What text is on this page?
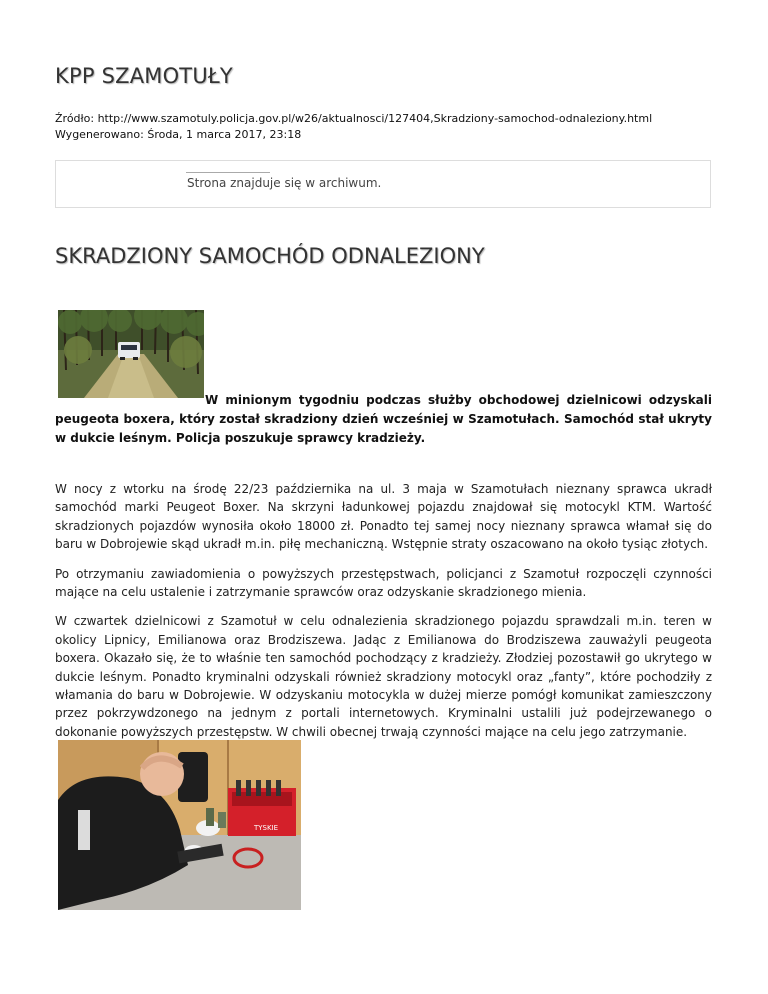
KPP SZAMOTUŁY
Źródło: http://www.szamotuly.policja.gov.pl/w26/aktualnosci/127404,Skradziony-samochod-odnaleziony.html
Wygenerowano: Środa, 1 marca 2017, 23:18
Strona znajduje się w archiwum.
SKRADZIONY SAMOCHÓD ODNALEZIONY

W minionym tygodniu podczas służby obchodowej dzielnicowi odzyskali peugeota boxera, który został skradziony dzień wcześniej w Szamotułach. Samochód stał ukryty w dukcie leśnym. Policja poszukuje sprawcy kradzieży.

W nocy z wtorku na środę 22/23 października na ul. 3 maja w Szamotułach nieznany sprawca ukradł samochód marki Peugeot Boxer. Na skrzyni ładunkowej pojazdu znajdował się motocykl KTM. Wartość skradzionych pojazdów wynosiła około 18000 zł. Ponadto tej samej nocy nieznany sprawca włamał się do baru w Dobrojewie skąd ukradł m.in. piłę mechaniczną. Wstępnie straty oszacowano na około tysiąc złotych.

Po otrzymaniu zawiadomienia o powyższych przestępstwach, policjanci z Szamotuł rozpoczęli czynności mające na celu ustalenie i zatrzymanie sprawców oraz odzyskanie skradzionego mienia.

W czwartek dzielnicowi z Szamotuł w celu odnalezienia skradzionego pojazdu sprawdzali m.in. teren w okolicy Lipnicy, Emilianowa oraz Brodziszewa. Jadąc z Emilianowa do Brodziszewa zauważyli peugeota boxera. Okazało się, że to właśnie ten samochód pochodzący z kradzieży. Złodziej pozostawił go ukrytego w dukcie leśnym. Ponadto kryminalni odzyskali również skradziony motocykl oraz „fanty”, które pochodziły z włamania do baru w Dobrojewie. W odzyskaniu motocykla w dużej mierze pomógł komunikat zamieszczony przez pokrzywdzonego na jednym z portali internetowych. Kryminalni ustalili już podejrzewanego o dokonanie powyższych przestępstw. W chwili obecnej trwają czynności mające na celu jego zatrzymanie.

TYSKIE
